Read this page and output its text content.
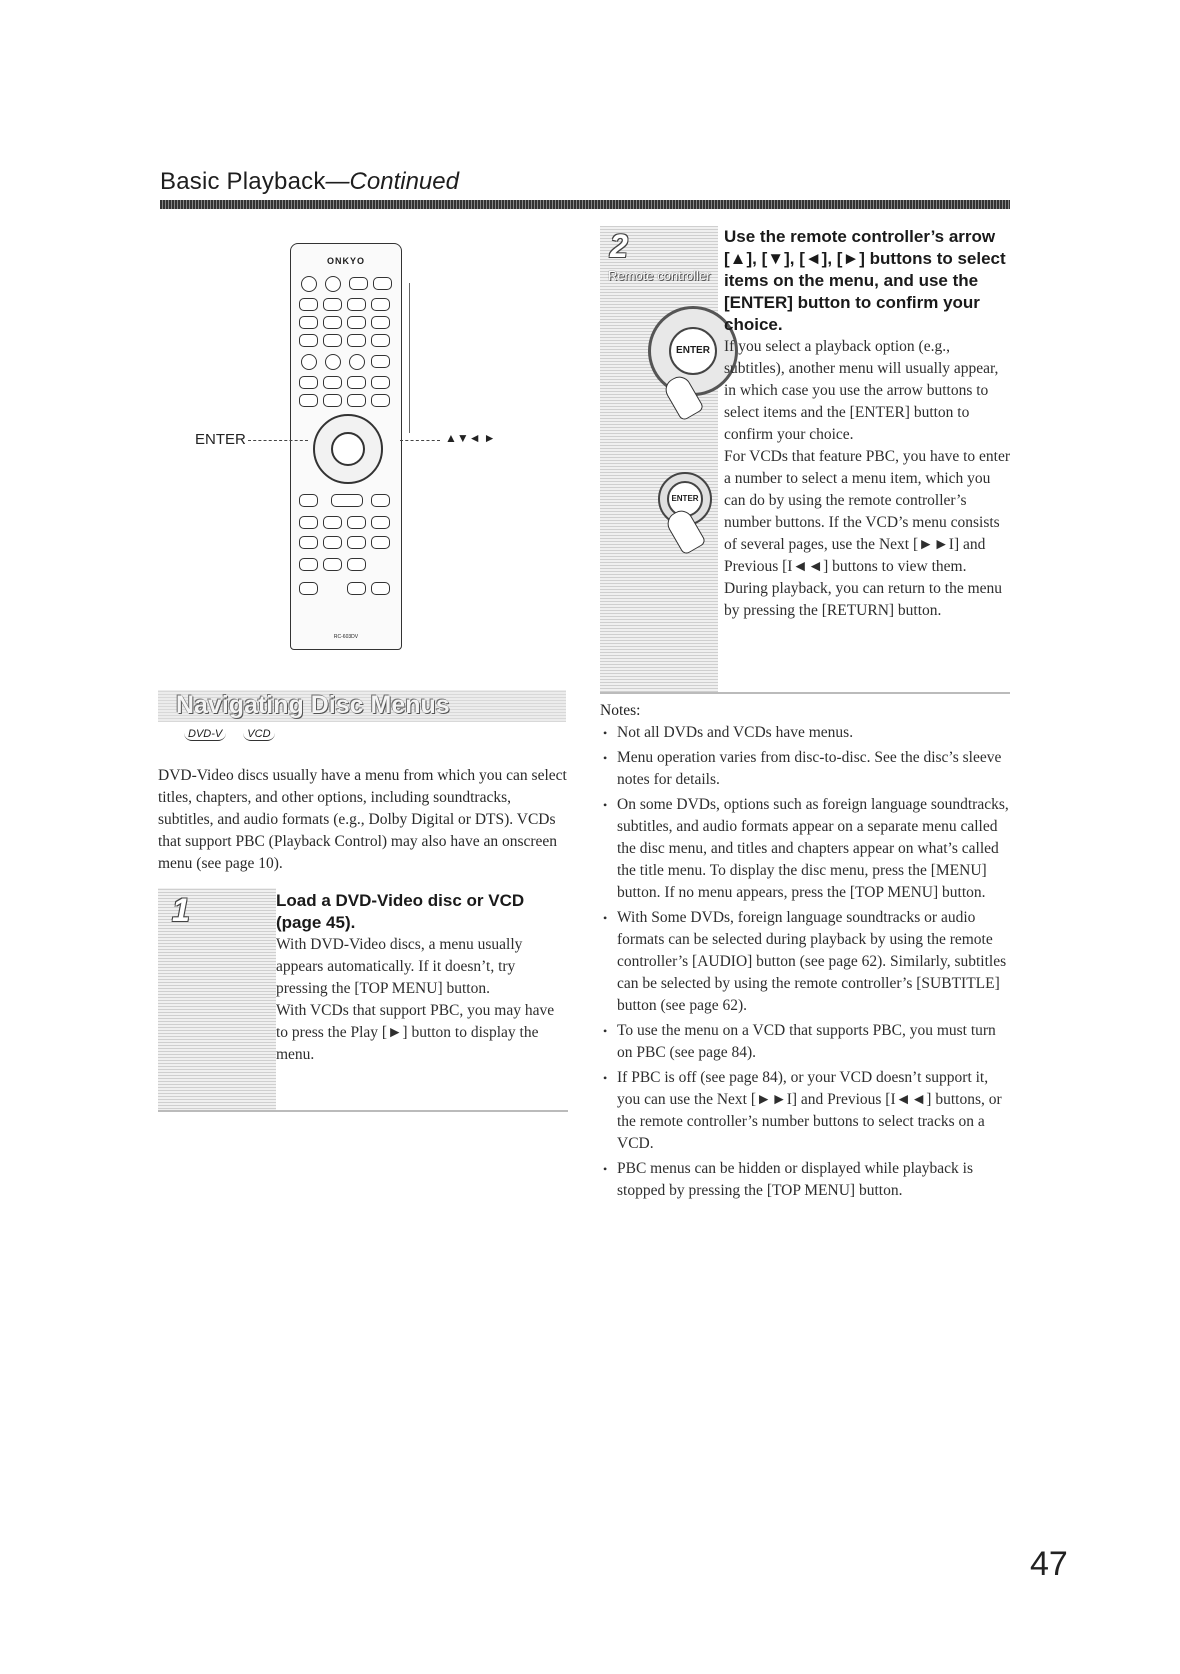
Basic Playback—Continued
ONKYO
RC-603DV
ENTER	▲▼◄ ►
Navigating Disc Menus
DVD-V VCD
DVD-Video discs usually have a menu from which you can select titles, chapters, and other options, including soundtracks, subtitles, and audio formats (e.g., Dolby Digital or DTS). VCDs that support PBC (Playback Control) may also have an onscreen menu (see page 10).
1	Load a DVD-Video disc or VCD (page 45).
With DVD-Video discs, a menu usually appears automatically. If it doesn’t, try pressing the [TOP MENU] button.
With VCDs that support PBC, you may have to press the Play [►] button to display the menu.
ENTER
ENTER
2
Remote controller
Use the remote controller’s arrow [▲], [▼], [◄], [►] buttons to select items on the menu, and use the [ENTER] button to confirm your choice.
If you select a playback option (e.g., subtitles), another menu will usually appear, in which case you use the arrow buttons to select items and the [ENTER] button to confirm your choice.
For VCDs that feature PBC, you have to enter a number to select a menu item, which you can do by using the remote controller’s number buttons. If the VCD’s menu consists of several pages, use the Next [►►I] and Previous [I◄◄] buttons to view them. During playback, you can return to the menu by pressing the [RETURN] button.
Notes:
• Not all DVDs and VCDs have menus.
• Menu operation varies from disc-to-disc. See the disc’s sleeve notes for details.
• On some DVDs, options such as foreign language soundtracks, subtitles, and audio formats appear on a separate menu called the disc menu, and titles and chapters appear on what’s called the title menu. To display the disc menu, press the [MENU] button. If no menu appears, press the [TOP MENU] button.
• With Some DVDs, foreign language soundtracks or audio formats can be selected during playback by using the remote controller’s [AUDIO] button (see page 62). Similarly, subtitles can be selected by using the remote controller’s [SUBTITLE] button (see page 62).
• To use the menu on a VCD that supports PBC, you must turn on PBC (see page 84).
• If PBC is off (see page 84), or your VCD doesn’t support it, you can use the Next [►►I] and Previous [I◄◄] buttons, or the remote controller’s number buttons to select tracks on a VCD.
• PBC menus can be hidden or displayed while playback is stopped by pressing the [TOP MENU] button.
47
